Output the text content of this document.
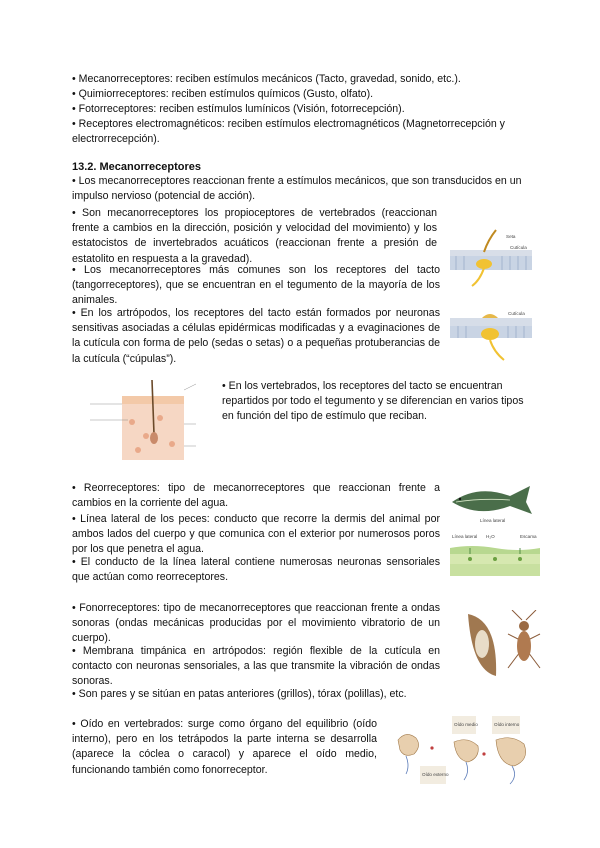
• Mecanorreceptores: reciben estímulos mecánicos (Tacto, gravedad, sonido, etc.).
• Quimiorreceptores: reciben estímulos químicos (Gusto, olfato).
• Fotorreceptores: reciben estímulos lumínicos (Visión, fotorrecepción).
• Receptores electromagnéticos: reciben estímulos electromagnéticos (Magnetorrecepción y electrorrecepción).
13.2. Mecanorreceptores
• Los mecanorreceptores reaccionan frente a estímulos mecánicos, que son transducidos en un impulso nervioso (potencial de acción).
• Son mecanorreceptores los propioceptores de vertebrados (reaccionan frente a cambios en la dirección, posición y velocidad del movimiento) y los estatocistos de invertebrados acuáticos (reaccionan frente a presión de estatolito en respuesta a la gravedad).
• Los mecanorreceptores más comunes son los receptores del tacto (tangorreceptores), que se encuentran en el tegumento de la mayoría de los animales.
• En los artrópodos, los receptores del tacto están formados por neuronas sensitivas asociadas a células epidérmicas modificadas y a evaginaciones de la cutícula con forma de pelo (sedas o setas) o a pequeñas protuberancias de la cutícula (“cúpulas”).
Seta
Cutícula
Cutícula
• En los vertebrados, los receptores del tacto se encuentran repartidos por todo el tegumento y se diferencian en varios tipos en función del tipo de estímulo que reciban.
• Reorreceptores: tipo de mecanorreceptores que reaccionan frente a cambios en la corriente del agua.
• Línea lateral de los peces: conducto que recorre la dermis del animal por ambos lados del cuerpo y que comunica con el exterior por numerosos poros por los que penetra el agua.
• El conducto de la línea lateral contiene numerosas neuronas sensoriales que actúan como reorreceptores.
Línea lateral
Línea lateral H₂O	Escama
• Fonorreceptores: tipo de mecanorreceptores que reaccionan frente a ondas sonoras (ondas mecánicas producidas por el movimiento vibratorio de un cuerpo).
• Membrana timpánica en artrópodos: región flexible de la cutícula en contacto con neuronas sensoriales, a las que transmite la vibración de ondas sonoras.
• Son pares y se sitúan en patas anteriores (grillos), tórax (polillas), etc.
• Oído en vertebrados: surge como órgano del equilibrio (oído interno), pero en los tetrápodos la parte interna se desarrolla (aparece la cóclea o caracol) y aparece el oído medio, funcionando también como fonorreceptor.
Oído medio	Oído interno
Oído externo
